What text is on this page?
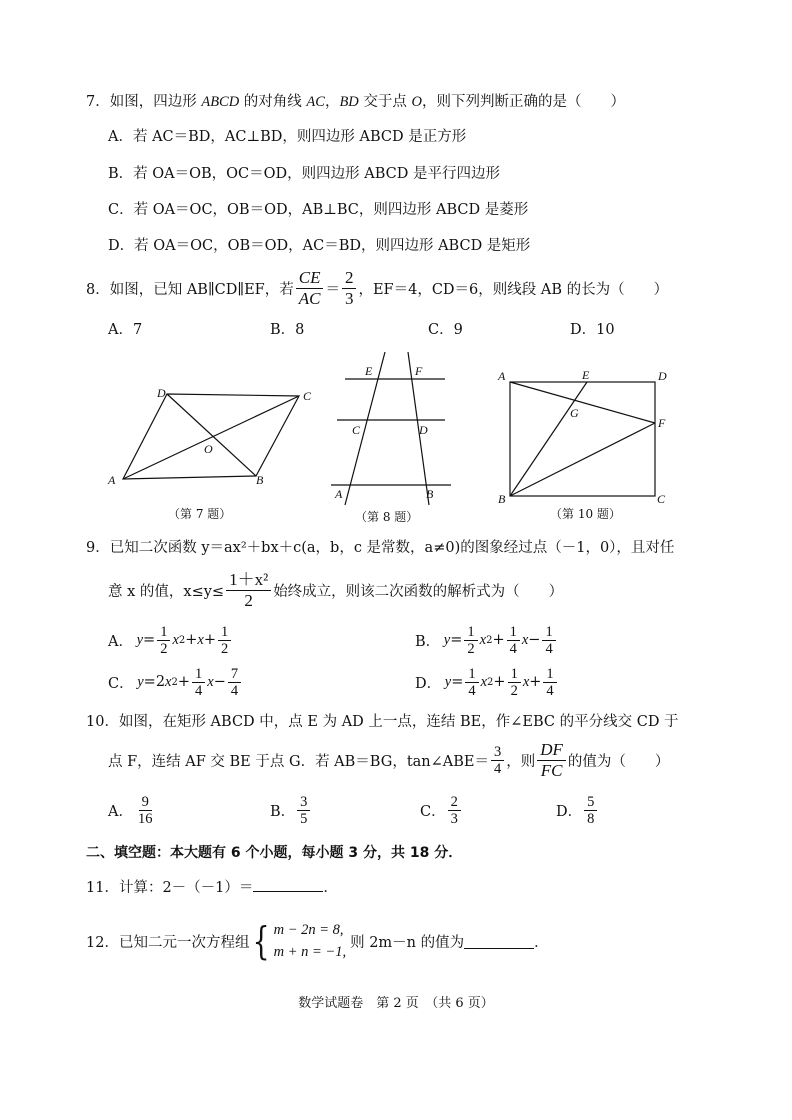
7．如图，四边形 ABCD 的对角线 AC，BD 交于点 O，则下列判断正确的是（　　）
A．若 AC＝BD，AC⊥BD，则四边形 ABCD 是正方形
B．若 OA＝OB，OC＝OD，则四边形 ABCD 是平行四边形
C．若 OA＝OC，OB＝OD，AB⊥BC，则四边形 ABCD 是菱形
D．若 OA＝OC，OB＝OD，AC＝BD，则四边形 ABCD 是矩形
8．如图，已知 AB∥CD∥EF，若 $\frac{CE}{AC} = \frac{2}{3}$ ，EF＝4，CD＝6，则线段 AB 的长为（　　）
A．7	B．8	C．9	D．10
D	C
O
A	B
（第 7 题）
E	F
C	D
A	B
（第 8 题）
A	E	D
G
F
B	C
（第 10 题）
9．已知二次函数 y＝ax²＋bx＋c(a，b，c 是常数，a≠0)的图象经过点（－1，0），且对任
意 x 的值，$x\le y\le \frac{\text{1＋x²}}{2}$ 始终成立，则该二次函数的解析式为（　　）
A． $y = \frac{1}{2}$ x $2 + x + \frac{1}{2}$	B． $y = \frac{1}{2}$ x $2 + \frac{1}{4}$ $x - \frac{1}{4}$
C． y =2 x $2 + \frac{1}{4}$ $x - \frac{7}{4}$	D． $y = \frac{1}{4}$ x $2 + \frac{1}{2}$ $x + \frac{1}{4}$
10．如图，在矩形 ABCD 中，点 E 为 AD 上一点，连结 BE，作∠EBC 的平分线交 CD 于
点 F，连结 AF 交 BE 于点 G．若 AB＝BG，tan∠ABE＝ $\frac{3}{4}$ ，则 $\frac{DF}{FC}$ 的值为（　　）
A． $\frac{9}{16}$	B． $\frac{3}{5}$	C． $\frac{2}{3}$	D． $\frac{5}{8}$
二、填空题：本大题有 6 个小题，每小题 3 分，共 18 分．
11．计算：2－（－1）＝	．
12．已知二元一次方程组 { m − 2n = 8,
m + n = −1,
则 2m－n 的值为	．
数学试题卷　第 2 页　（共 6 页）
